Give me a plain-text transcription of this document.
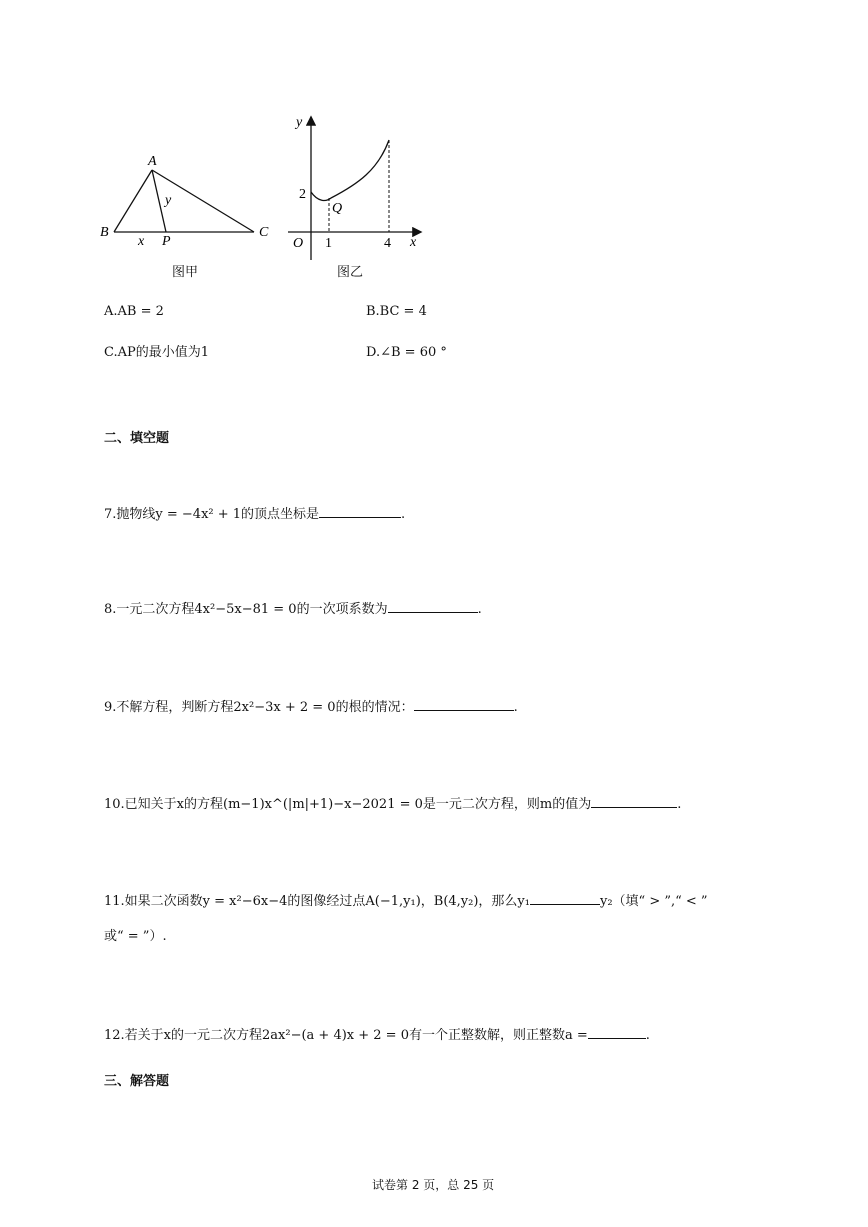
A
B	C
P
x
y
图甲
y
x
O
2
1	4
Q
图乙
A.AB = 2	B.BC = 4
C.AP的最小值为1	D.∠B = 60 °
二、填空题
7.抛物线y = −4x² + 1的顶点坐标是	.
8.一元二次方程4x²−5x−81 = 0的一次项系数为	.
9.不解方程，判断方程2x²−3x + 2 = 0的根的情况：	.
10.已知关于x的方程(m−1)x^(|m|+1)−x−2021 = 0是一元二次方程，则m的值为	.
11.如果二次函数y = x²−6x−4的图像经过点A(−1,y₁)，B(4,y₂)，那么y₁	y₂（填“ > ”,“ < ”
或“ = ”）.
12.若关于x的一元二次方程2ax²−(a + 4)x + 2 = 0有一个正整数解，则正整数a =	.
三、解答题
试卷第 2 页，总 25 页
